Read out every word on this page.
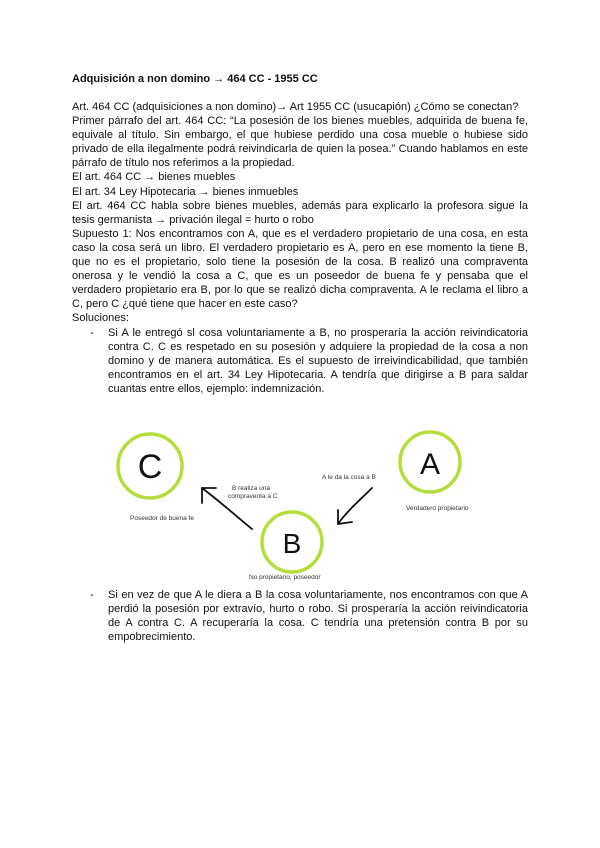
Adquisición a non domino → 464 CC - 1955 CC

Art. 464 CC (adquisiciones a non domino)→ Art 1955 CC (usucapión) ¿Cómo se conectan?

Primer párrafo del art. 464 CC: “La posesión de los bienes muebles, adquirida de buena fe, equivale al título. Sin embargo, el que hubiese perdido una cosa mueble o hubiese sido privado de ella ilegalmente podrá reivindicarla de quien la posea.” Cuando hablamos en este párrafo de título nos referimos a la propiedad.

El art. 464 CC → bienes muebles

El art. 34 Ley Hipotecaria → bienes inmuebles

El art. 464 CC habla sobre bienes muebles, además para explicarlo la profesora sigue la tesis germanista → privación ilegal = hurto o robo

Supuesto 1: Nos encontramos con A, que es el verdadero propietario de una cosa, en esta caso la cosa será un libro. El verdadero propietario es A, pero en ese momento la tiene B, que no es el propietario, solo tiene la posesión de la cosa. B realizó una compraventa onerosa y le vendió la cosa a C, que es un poseedor de buena fe y pensaba que el verdadero propietario era B, por lo que se realizó dicha compraventa. A le reclama el libro a C, pero C ¿qué tiene que hacer en este caso?

Soluciones:

- Si A le entregó sl cosa voluntariamente a B, no prosperaría la acción reivindicatoria contra C. C es respetado en su posesión y adquiere la propiedad de la cosa a non domino y de manera automática. Es el supuesto de irreivindicabilidad, que también encontramos en el art. 34 Ley Hipotecaria. A tendría que dirigirse a B para saldar cuantas entre ellos, ejemplo: indemnización.
C
Poseedor de buena fe
A
Verdadero propietario
B
No propietario, poseedor
B realiza una
compraventa a C
A le da la cosa a B
- Si en vez de que A le diera a B la cosa voluntariamente, nos encontramos con que A perdió la posesión por extravío, hurto o robo. Si prosperaría la acción reivindicatoria de A contra C. A recuperaría la cosa. C tendría una pretensión contra B por su empobrecimiento.
